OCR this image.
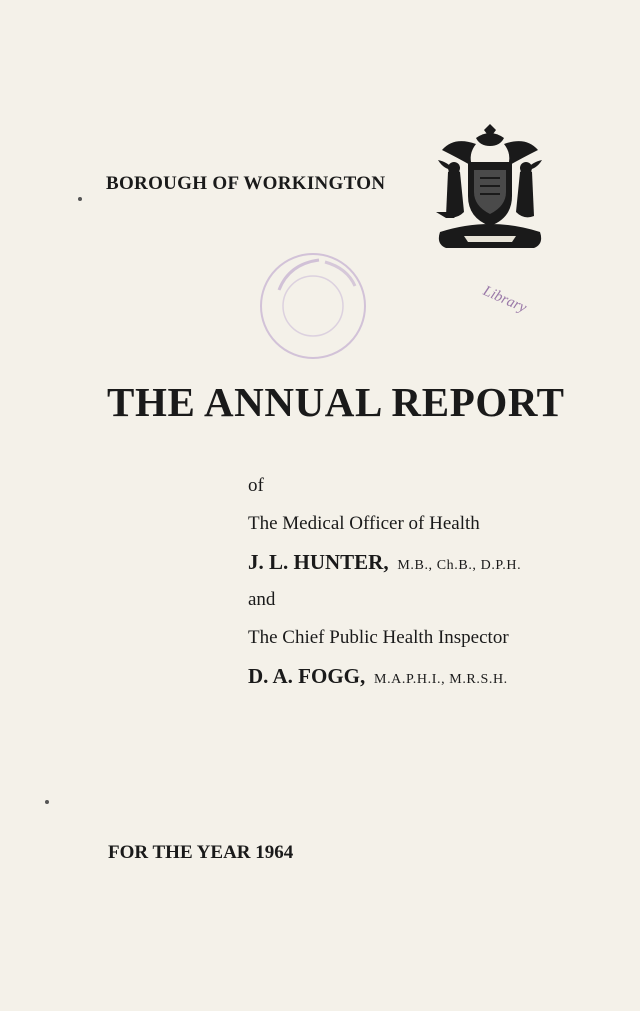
BOROUGH OF WORKINGTON
Library
THE ANNUAL REPORT
of
The Medical Officer of Health
J. L. HUNTER, M.B., Ch.B., D.P.H.
and
The Chief Public Health Inspector
D. A. FOGG, M.A.P.H.I., M.R.S.H.
FOR THE YEAR 1964
